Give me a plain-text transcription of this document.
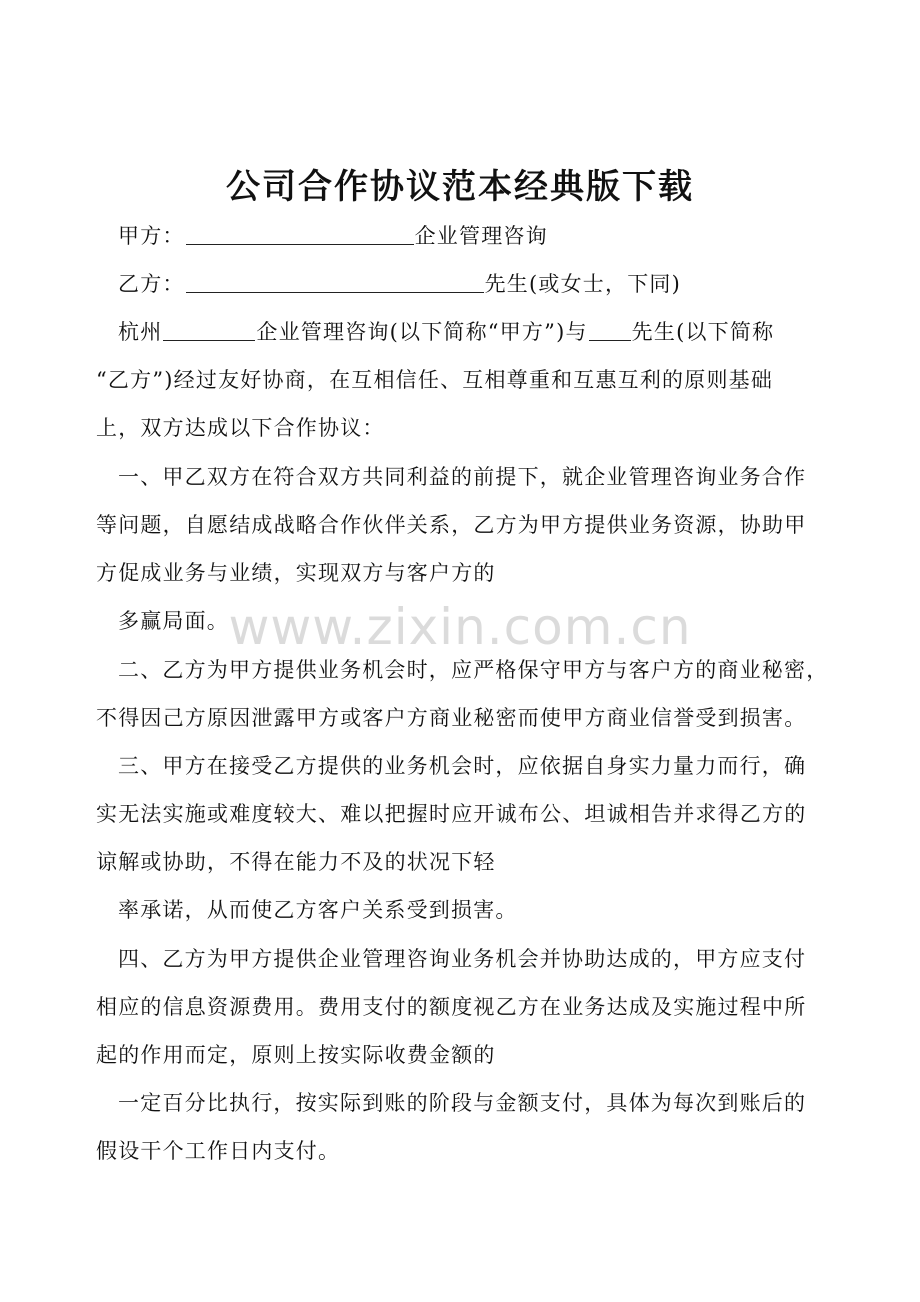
公司合作协议范本经典版下载
甲方：	企业管理咨询
乙方：	先生(或女士，下同)
杭州	企业管理咨询(以下简称“甲方”)与 先生(以下简称
“乙方”)经过友好协商，在互相信任、互相尊重和互惠互利的原则基础
上，双方达成以下合作协议：
一、甲乙双方在符合双方共同利益的前提下，就企业管理咨询业务合作
等问题，自愿结成战略合作伙伴关系，乙方为甲方提供业务资源，协助甲
方促成业务与业绩，实现双方与客户方的
多赢局面。
二、乙方为甲方提供业务机会时，应严格保守甲方与客户方的商业秘密，
不得因己方原因泄露甲方或客户方商业秘密而使甲方商业信誉受到损害。
三、甲方在接受乙方提供的业务机会时，应依据自身实力量力而行，确
实无法实施或难度较大、难以把握时应开诚布公、坦诚相告并求得乙方的
谅解或协助，不得在能力不及的状况下轻
率承诺，从而使乙方客户关系受到损害。
四、乙方为甲方提供企业管理咨询业务机会并协助达成的，甲方应支付
相应的信息资源费用。费用支付的额度视乙方在业务达成及实施过程中所
起的作用而定，原则上按实际收费金额的
一定百分比执行，按实际到账的阶段与金额支付，具体为每次到账后的
假设干个工作日内支付。
www.zixin.com.cn
